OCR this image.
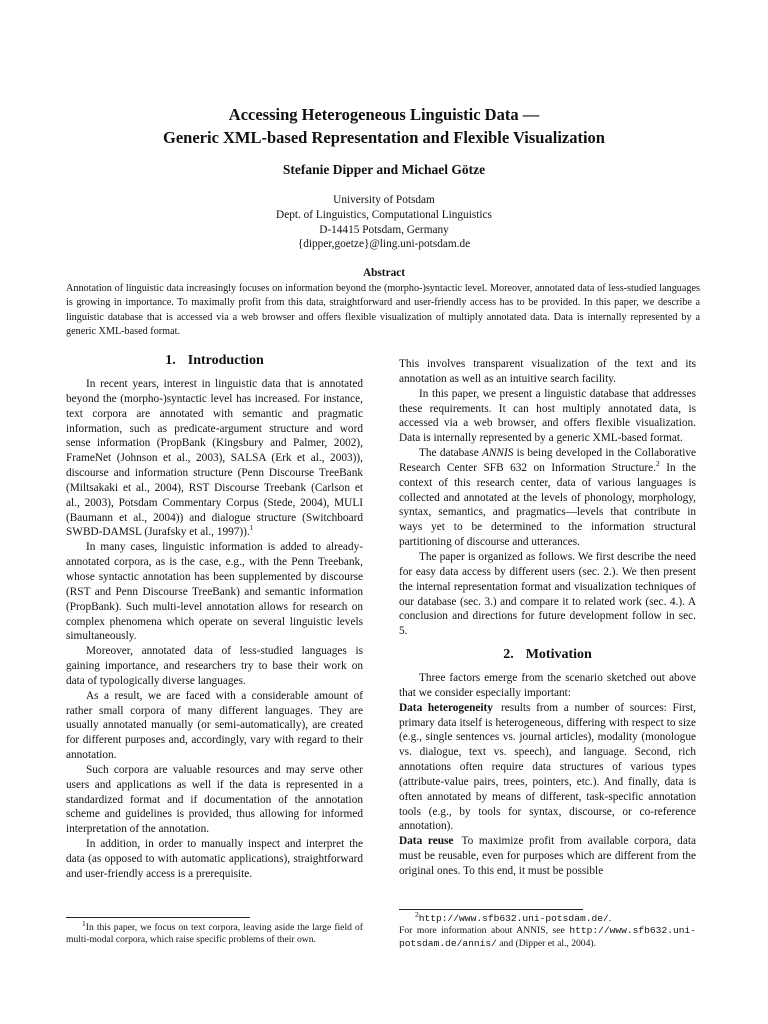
Accessing Heterogeneous Linguistic Data —
Generic XML-based Representation and Flexible Visualization
Stefanie Dipper and Michael Götze
University of Potsdam
Dept. of Linguistics, Computational Linguistics
D-14415 Potsdam, Germany
{dipper,goetze}@ling.uni-potsdam.de
Abstract
Annotation of linguistic data increasingly focuses on information beyond the (morpho-)syntactic level. Moreover, annotated data of less-studied languages is growing in importance. To maximally profit from this data, straightforward and user-friendly access has to be provided. In this paper, we describe a linguistic database that is accessed via a web browser and offers flexible visualization of multiply annotated data. Data is internally represented by a generic XML-based format.
1. Introduction

In recent years, interest in linguistic data that is annotated beyond the (morpho-)syntactic level has increased. For instance, text corpora are annotated with semantic and pragmatic information, such as predicate-argument structure and word sense information (PropBank (Kingsbury and Palmer, 2002), FrameNet (Johnson et al., 2003), SALSA (Erk et al., 2003)), discourse and information structure (Penn Discourse TreeBank (Miltsakaki et al., 2004), RST Discourse Treebank (Carlson et al., 2003), Potsdam Commentary Corpus (Stede, 2004), MULI (Baumann et al., 2004)) and dialogue structure (Switchboard SWBD-DAMSL (Jurafsky et al., 1997)).$^1$

In many cases, linguistic information is added to already-annotated corpora, as is the case, e.g., with the Penn Treebank, whose syntactic annotation has been supplemented by discourse (RST and Penn Discourse TreeBank) and semantic information (PropBank). Such multi-level annotation allows for research on complex phenomena which operate on several linguistic levels simultaneously.

Moreover, annotated data of less-studied languages is gaining importance, and researchers try to base their work on data of typologically diverse languages.

As a result, we are faced with a considerable amount of rather small corpora of many different languages. They are usually annotated manually (or semi-automatically), are created for different purposes and, accordingly, vary with regard to their annotation.

Such corpora are valuable resources and may serve other users and applications as well if the data is represented in a standardized format and if documentation of the annotation scheme and guidelines is provided, thus allowing for informed interpretation of the annotation.

In addition, in order to manually inspect and interpret the data (as opposed to with automatic applications), straightforward and user-friendly access is a prerequisite.

$^1$In this paper, we focus on text corpora, leaving aside the large field of multi-modal corpora, which raise specific problems of their own.

This involves transparent visualization of the text and its annotation as well as an intuitive search facility.

In this paper, we present a linguistic database that addresses these requirements. It can host multiply annotated data, is accessed via a web browser, and offers flexible visualization. Data is internally represented by a generic XML-based format.

The database ANNIS is being developed in the Collaborative Research Center SFB 632 on Information Structure.$^2$ In the context of this research center, data of various languages is collected and annotated at the levels of phonology, morphology, syntax, semantics, and pragmatics—levels that contribute in ways yet to be determined to the information structural partitioning of discourse and utterances.

The paper is organized as follows. We first describe the need for easy data access by different users (sec. 2.). We then present the internal representation format and visualization techniques of our database (sec. 3.) and compare it to related work (sec. 4.). A conclusion and directions for future development follow in sec. 5.

2. Motivation

Three factors emerge from the scenario sketched out above that we consider especially important:

Data heterogeneity results from a number of sources: First, primary data itself is heterogeneous, differing with respect to size (e.g., single sentences vs. journal articles), modality (monologue vs. dialogue, text vs. speech), and language. Second, rich annotations often require data structures of various types (attribute-value pairs, trees, pointers, etc.). And finally, data is often annotated by means of different, task-specific annotation tools (e.g., by tools for syntax, discourse, or co-reference annotation).

Data reuse To maximize profit from available corpora, data must be reusable, even for purposes which are different from the original ones. To this end, it must be possible

$^2$http://www.sfb632.uni-potsdam.de/.

For more information about ANNIS, see http://www.sfb632.uni-potsdam.de/annis/ and (Dipper et al., 2004).
